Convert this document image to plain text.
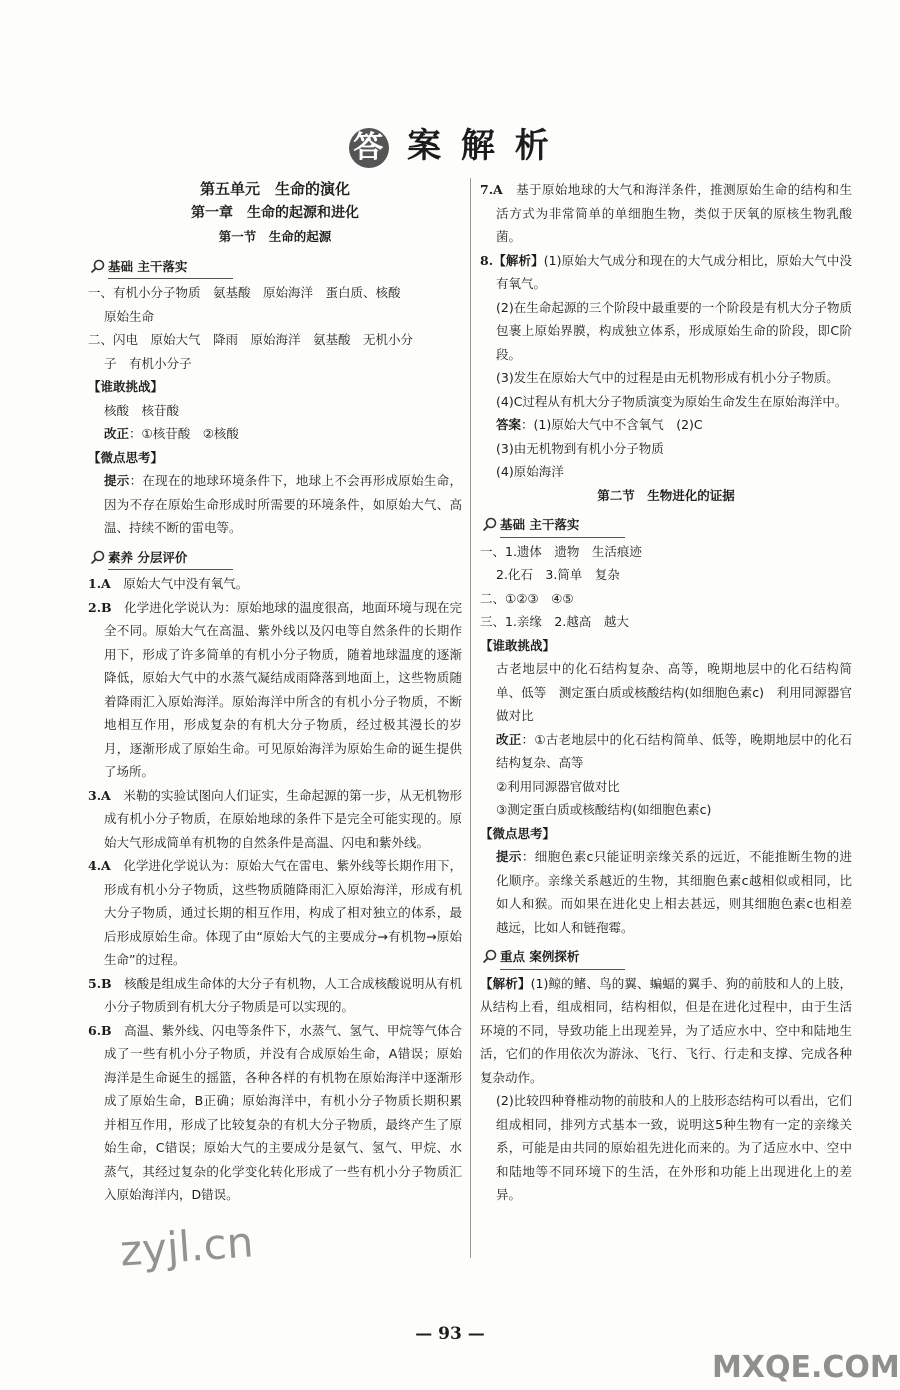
答 案 解 析

第五单元　生命的演化

第一章　生命的起源和进化

第一节　生命的起源

基础 主干落实

一、有机小分子物质　氨基酸　原始海洋　蛋白质、核酸

原始生命

二、闪电　原始大气　降雨　原始海洋　氨基酸　无机小分

子　有机小分子

【谁敢挑战】

核酸　核苷酸

改正：①核苷酸　②核酸

【微点思考】

提示：在现在的地球环境条件下，地球上不会再形成原始生命，因为不存在原始生命形成时所需要的环境条件，如原始大气、高温、持续不断的雷电等。

素养 分层评价

1.A　原始大气中没有氧气。

2.B　化学进化学说认为：原始地球的温度很高，地面环境与现在完全不同。原始大气在高温、紫外线以及闪电等自然条件的长期作用下，形成了许多简单的有机小分子物质，随着地球温度的逐渐降低，原始大气中的水蒸气凝结成雨降落到地面上，这些物质随着降雨汇入原始海洋。原始海洋中所含的有机小分子物质，不断地相互作用，形成复杂的有机大分子物质，经过极其漫长的岁月，逐渐形成了原始生命。可见原始海洋为原始生命的诞生提供了场所。

3.A　米勒的实验试图向人们证实，生命起源的第一步，从无机物形成有机小分子物质，在原始地球的条件下是完全可能实现的。原始大气形成简单有机物的自然条件是高温、闪电和紫外线。

4.A　化学进化学说认为：原始大气在雷电、紫外线等长期作用下，形成有机小分子物质，这些物质随降雨汇入原始海洋，形成有机大分子物质，通过长期的相互作用，构成了相对独立的体系，最后形成原始生命。体现了由“原始大气的主要成分→有机物→原始生命”的过程。

5.B　核酸是组成生命体的大分子有机物，人工合成核酸说明从有机小分子物质到有机大分子物质是可以实现的。

6.B　高温、紫外线、闪电等条件下，水蒸气、氢气、甲烷等气体合成了一些有机小分子物质，并没有合成原始生命，A错误；原始海洋是生命诞生的摇篮，各种各样的有机物在原始海洋中逐渐形成了原始生命，B正确；原始海洋中，有机小分子物质长期积累并相互作用，形成了比较复杂的有机大分子物质，最终产生了原始生命，C错误；原始大气的主要成分是氨气、氢气、甲烷、水蒸气，其经过复杂的化学变化转化形成了一些有机小分子物质汇入原始海洋内，D错误。

7.A　基于原始地球的大气和海洋条件，推测原始生命的结构和生活方式为非常简单的单细胞生物，类似于厌氧的原核生物乳酸菌。

8.【解析】(1)原始大气成分和现在的大气成分相比，原始大气中没有氧气。

(2)在生命起源的三个阶段中最重要的一个阶段是有机大分子物质包裹上原始界膜，构成独立体系，形成原始生命的阶段，即C阶段。

(3)发生在原始大气中的过程是由无机物形成有机小分子物质。

(4)C过程从有机大分子物质演变为原始生命发生在原始海洋中。

答案：(1)原始大气中不含氧气　(2)C

(3)由无机物到有机小分子物质

(4)原始海洋

第二节　生物进化的证据

基础 主干落实

一、1.遗体　遗物　生活痕迹

2.化石　3.简单　复杂

二、①②③　④⑤

三、1.亲缘　2.越高　越大

【谁敢挑战】

古老地层中的化石结构复杂、高等，晚期地层中的化石结构简单、低等　测定蛋白质或核酸结构(如细胞色素c)　利用同源器官做对比

改正：①古老地层中的化石结构简单、低等，晚期地层中的化石结构复杂、高等

②利用同源器官做对比

③测定蛋白质或核酸结构(如细胞色素c)

【微点思考】

提示：细胞色素c只能证明亲缘关系的远近，不能推断生物的进化顺序。亲缘关系越近的生物，其细胞色素c越相似或相同，比如人和猴。而如果在进化史上相去甚远，则其细胞色素c也相差越远，比如人和链孢霉。

重点 案例探析

【解析】(1)鲸的鳍、鸟的翼、蝙蝠的翼手、狗的前肢和人的上肢，从结构上看，组成相同，结构相似，但是在进化过程中，由于生活环境的不同，导致功能上出现差异，为了适应水中、空中和陆地生活，它们的作用依次为游泳、飞行、飞行、行走和支撑、完成各种复杂动作。

(2)比较四种脊椎动物的前肢和人的上肢形态结构可以看出，它们组成相同，排列方式基本一致，说明这5种生物有一定的亲缘关系，可能是由共同的原始祖先进化而来的。为了适应水中、空中和陆地等不同环境下的生活，在外形和功能上出现进化上的差异。

— 93 —
zyjl.cn
MXQE.COM
